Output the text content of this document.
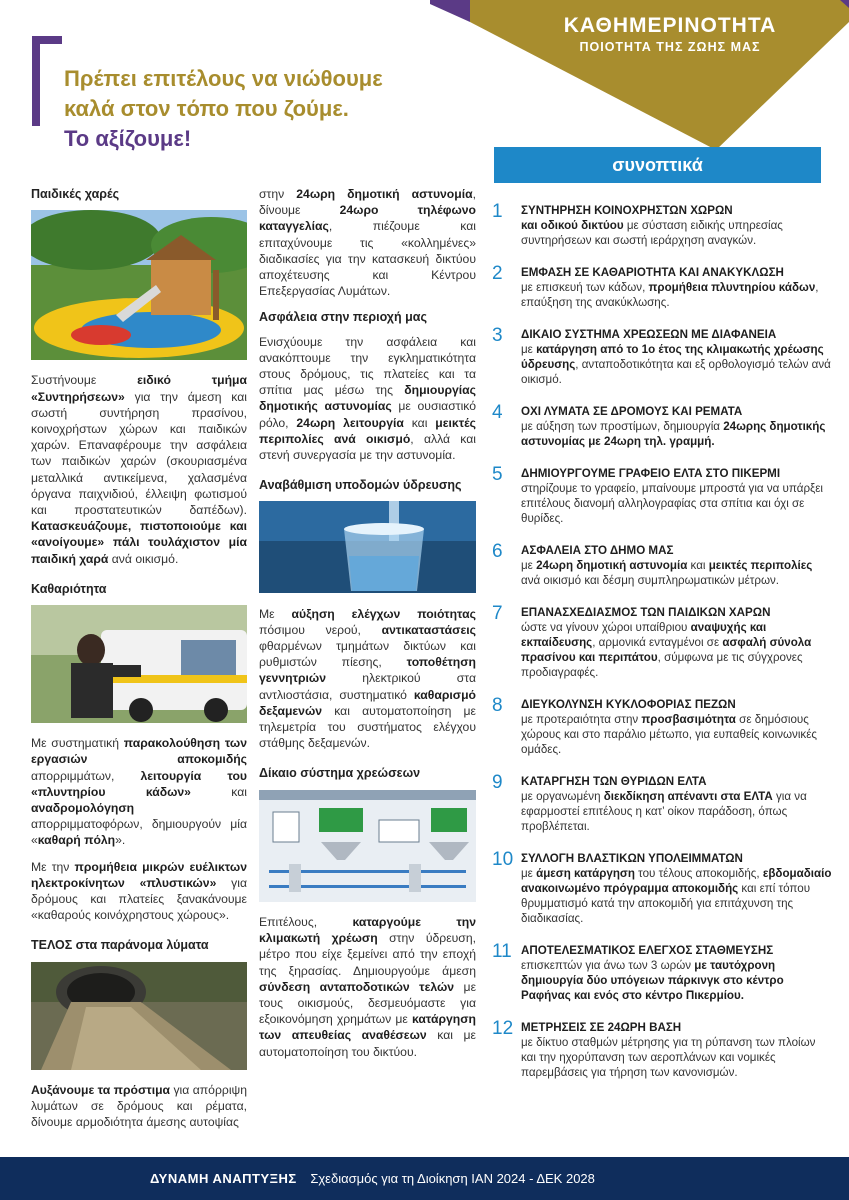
ΚΑΘΗΜΕΡΙΝΟΤΗΤΑ
ΠΟΙΟΤΗΤΑ ΤΗΣ ΖΩΗΣ ΜΑΣ
Πρέπει επιτέλους να νιώθουμε
καλά στον τόπο που ζούμε.
Το αξίζουμε!
Παιδικές χαρές

Συστήνουμε ειδικό τμήμα «Συντηρήσεων» για την άμεση και σωστή συντήρηση πρασίνου, κοινοχρήστων χώρων και παιδικών χαρών. Επαναφέρουμε την ασφάλεια των παιδικών χαρών (σκουριασμένα μεταλλικά αντικείμενα, χαλασμένα όργανα παιχνιδιού, έλλειψη φωτισμού και προστατευτικών δαπέδων). Κατασκευάζουμε, πιστοποιούμε και «ανοίγουμε» πάλι τουλάχιστον μία παιδική χαρά ανά οικισμό.

Καθαριότητα

Με συστηματική παρακολούθηση των εργασιών αποκομιδής απορριμμάτων, λειτουργία του «πλυντηρίου κάδων» και αναδρομολόγηση απορριμματοφόρων, δημιουργούν μία «καθαρή πόλη».

Με την προμήθεια μικρών ευέλικτων ηλεκτροκίνητων «πλυστικών» για δρόμους και πλατείες ξανακάνουμε «καθαρούς κοινόχρηστους χώρους».

ΤΕΛΟΣ στα παράνομα λύματα

Αυξάνουμε τα πρόστιμα για απόρριψη λυμάτων σε δρόμους και ρέματα, δίνουμε αρμοδιότητα άμεσης αυτοψίας

στην 24ωρη δημοτική αστυνομία, δίνουμε 24ωρο τηλέφωνο καταγγελίας, πιέζουμε και επιταχύνουμε τις «κολλημένες» διαδικασίες για την κατασκευή δικτύου αποχέτευσης και Κέντρου Επεξεργασίας Λυμάτων.

Ασφάλεια στην περιοχή μας

Ενισχύουμε την ασφάλεια και ανακόπτουμε την εγκληματικότητα στους δρόμους, τις πλατείες και τα σπίτια μας μέσω της δημιουργίας δημοτικής αστυνομίας με ουσιαστικό ρόλο, 24ωρη λειτουργία και μεικτές περιπολίες ανά οικισμό, αλλά και στενή συνεργασία με την αστυνομία.

Αναβάθμιση υποδομών ύδρευσης

Με αύξηση ελέγχων ποιότητας πόσιμου νερού, αντικαταστάσεις φθαρμένων τμημάτων δικτύων και ρυθμιστών πίεσης, τοποθέτηση γεννητριών ηλεκτρικού στα αντλιοστάσια, συστηματικό καθαρισμό δεξαμενών και αυτοματοποίηση με τηλεμετρία του συστήματος ελέγχου στάθμης δεξαμενών.

Δίκαιο σύστημα χρεώσεων

Επιτέλους, καταργούμε την κλιμακωτή χρέωση στην ύδρευση, μέτρο που είχε ξεμείνει από την εποχή της ξηρασίας. Δημιουργούμε άμεση σύνδεση ανταποδοτικών τελών με τους οικισμούς, δεσμευόμαστε για εξοικονόμηση χρημάτων με κατάργηση των απευθείας αναθέσεων και με αυτοματοποίηση του δικτύου.

συνοπτικά
1	ΣΥΝΤΗΡΗΣΗ ΚΟΙΝΟΧΡΗΣΤΩΝ ΧΩΡΩΝ
και οδικού δικτύου με σύσταση ειδικής υπηρεσίας συντηρήσεων και σωστή ιεράρχηση αναγκών.
2	ΕΜΦΑΣΗ ΣΕ ΚΑΘΑΡΙΟΤΗΤΑ ΚΑΙ ΑΝΑΚΥΚΛΩΣΗ
με επισκευή των κάδων, προμήθεια πλυντηρίου κάδων, επαύξηση της ανακύκλωσης.
3	ΔΙΚΑΙΟ ΣΥΣΤΗΜΑ ΧΡΕΩΣΕΩΝ ΜΕ ΔΙΑΦΑΝΕΙΑ
με κατάργηση από το 1ο έτος της κλιμακωτής χρέωσης ύδρευσης, ανταποδοτικότητα και εξ ορθολογισμό τελών ανά οικισμό.
4	ΟΧΙ ΛΥΜΑΤΑ ΣΕ ΔΡΟΜΟΥΣ ΚΑΙ ΡΕΜΑΤΑ
με αύξηση των προστίμων, δημιουργία 24ωρης δημοτικής αστυνομίας με 24ωρη τηλ. γραμμή.
5	ΔΗΜΙΟΥΡΓΟΥΜΕ ΓΡΑΦΕΙΟ ΕΛΤΑ ΣΤΟ ΠΙΚΕΡΜΙ
στηρίζουμε το γραφείο, μπαίνουμε μπροστά για να υπάρξει επιτέλους διανομή αλληλογραφίας στα σπίτια και όχι σε θυρίδες.
6	ΑΣΦΑΛΕΙΑ ΣΤΟ ΔΗΜΟ ΜΑΣ
με 24ωρη δημοτική αστυνομία και μεικτές περιπολίες ανά οικισμό και δέσμη συμπληρωματικών μέτρων.
7	ΕΠΑΝΑΣΧΕΔΙΑΣΜΟΣ ΤΩΝ ΠΑΙΔΙΚΩΝ ΧΑΡΩΝ
ώστε να γίνουν χώροι υπαίθριου αναψυχής και εκπαίδευσης, αρμονικά ενταγμένοι σε ασφαλή σύνολα πρασίνου και περιπάτου, σύμφωνα με τις σύγχρονες προδιαγραφές.
8	ΔΙΕΥΚΟΛΥΝΣΗ ΚΥΚΛΟΦΟΡΙΑΣ ΠΕΖΩΝ
με προτεραιότητα στην προσβασιμότητα σε δημόσιους χώρους και στο παράλιο μέτωπο, για ευπαθείς κοινωνικές ομάδες.
9	ΚΑΤΑΡΓΗΣΗ ΤΩΝ ΘΥΡΙΔΩΝ ΕΛΤΑ
με οργανωμένη διεκδίκηση απέναντι στα ΕΛΤΑ για να εφαρμοστεί επιτέλους η κατ’ οίκον παράδοση, όπως προβλέπεται.
10 ΣΥΛΛΟΓΗ ΒΛΑΣΤΙΚΩΝ ΥΠΟΛΕΙΜΜΑΤΩΝ
με άμεση κατάργηση του τέλους αποκομιδής, εβδομαδιαίο ανακοινωμένο πρόγραμμα αποκομιδής και επί τόπου θρυμματισμό κατά την αποκομιδή για επιτάχυνση της διαδικασίας.
11 ΑΠΟΤΕΛΕΣΜΑΤΙΚΟΣ ΕΛΕΓΧΟΣ ΣΤΑΘΜΕΥΣΗΣ
επισκεπτών για άνω των 3 ωρών με ταυτόχρονη δημιουργία δύο υπόγειων πάρκινγκ στο κέντρο Ραφήνας και ενός στο κέντρο Πικερμίου.
12 ΜΕΤΡΗΣΕΙΣ ΣΕ 24ΩΡΗ ΒΑΣΗ
με δίκτυο σταθμών μέτρησης για τη ρύπανση των πλοίων και την ηχορύπανση των αεροπλάνων και νομικές παρεμβάσεις για τήρηση των κανονισμών.
ΔΥΝΑΜΗ ΑΝΑΠΤΥΞΗΣ Σχεδιασμός για τη Διοίκηση ΙΑΝ 2024 - ΔΕΚ 2028
